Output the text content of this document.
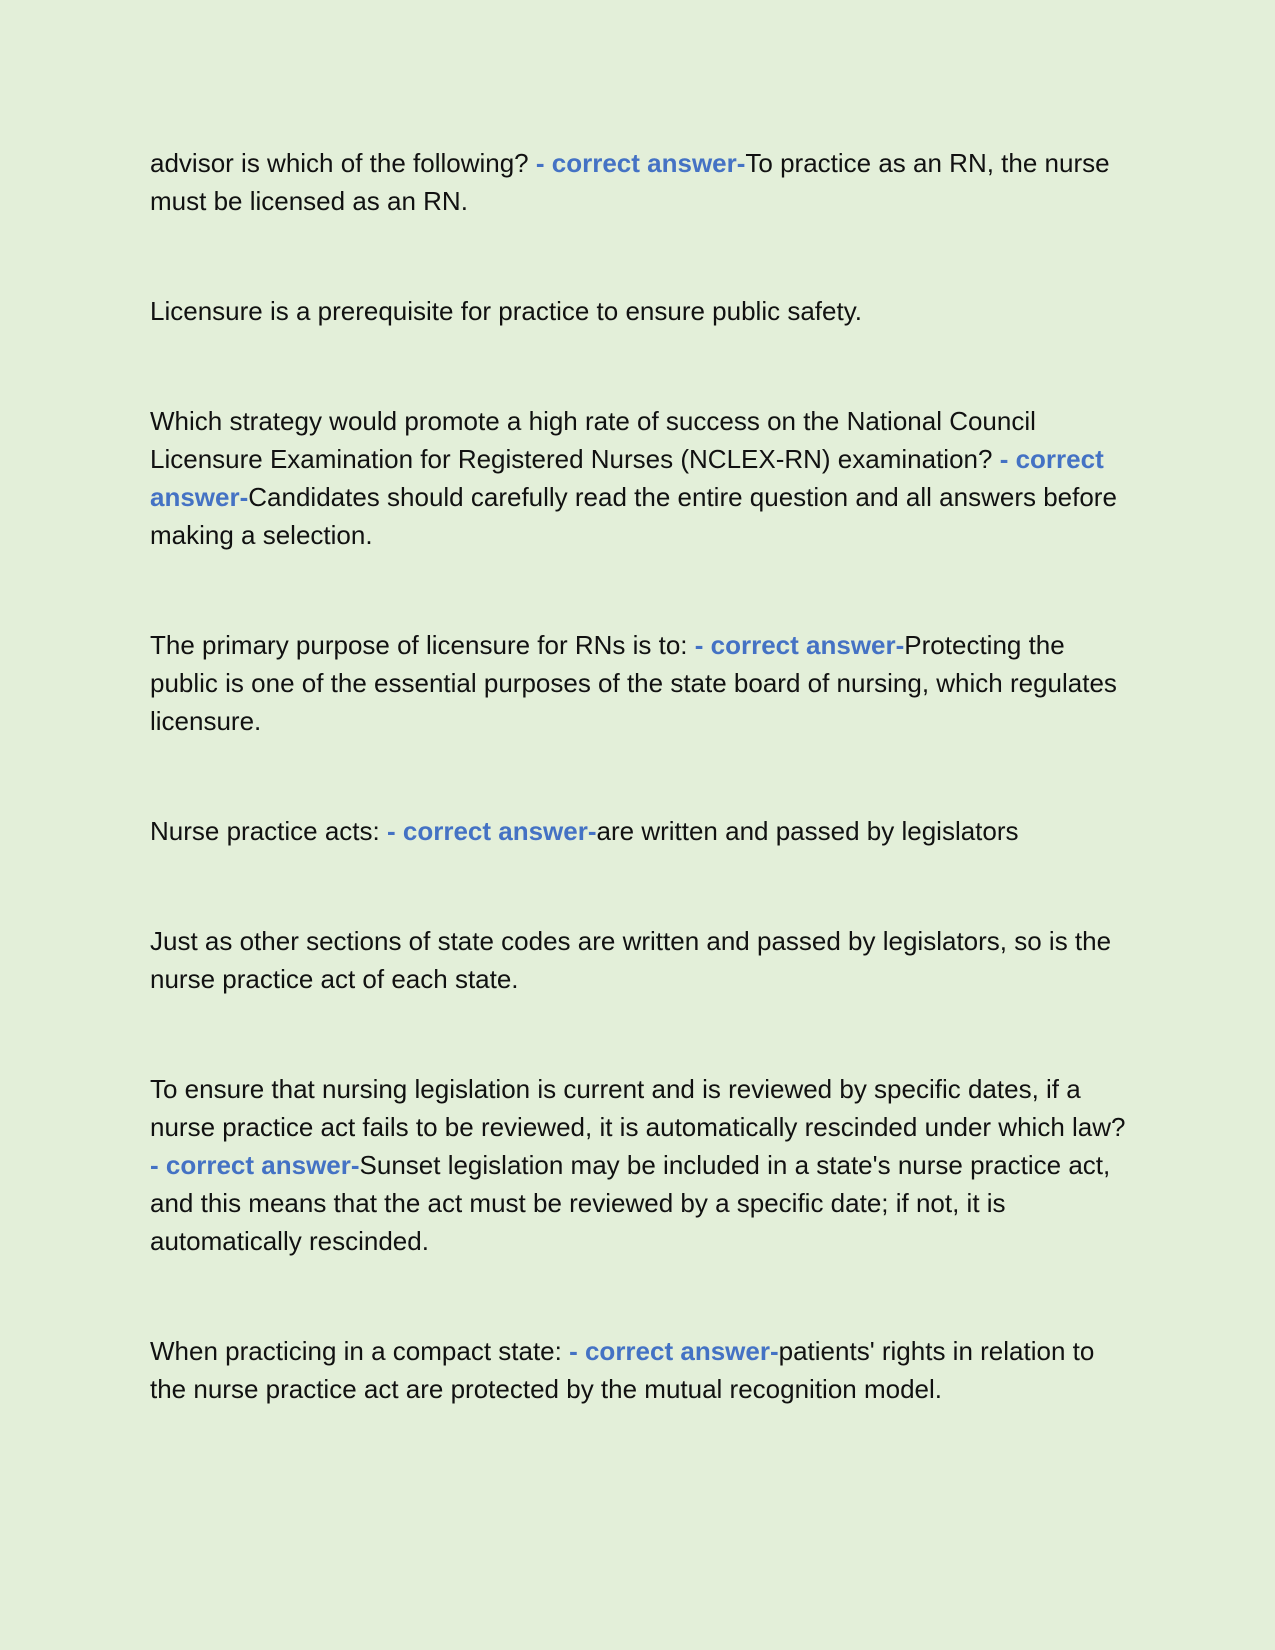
advisor is which of the following? - correct answer-To practice as an RN, the nurse must be licensed as an RN.

Licensure is a prerequisite for practice to ensure public safety.

Which strategy would promote a high rate of success on the National Council Licensure Examination for Registered Nurses (NCLEX-RN) examination? - correct answer-Candidates should carefully read the entire question and all answers before making a selection.

The primary purpose of licensure for RNs is to: - correct answer-Protecting the public is one of the essential purposes of the state board of nursing, which regulates licensure.

Nurse practice acts: - correct answer-are written and passed by legislators

Just as other sections of state codes are written and passed by legislators, so is the nurse practice act of each state.

To ensure that nursing legislation is current and is reviewed by specific dates, if a nurse practice act fails to be reviewed, it is automatically rescinded under which law? - correct answer-Sunset legislation may be included in a state's nurse practice act, and this means that the act must be reviewed by a specific date; if not, it is automatically rescinded.

When practicing in a compact state: - correct answer-patients' rights in relation to the nurse practice act are protected by the mutual recognition model.
